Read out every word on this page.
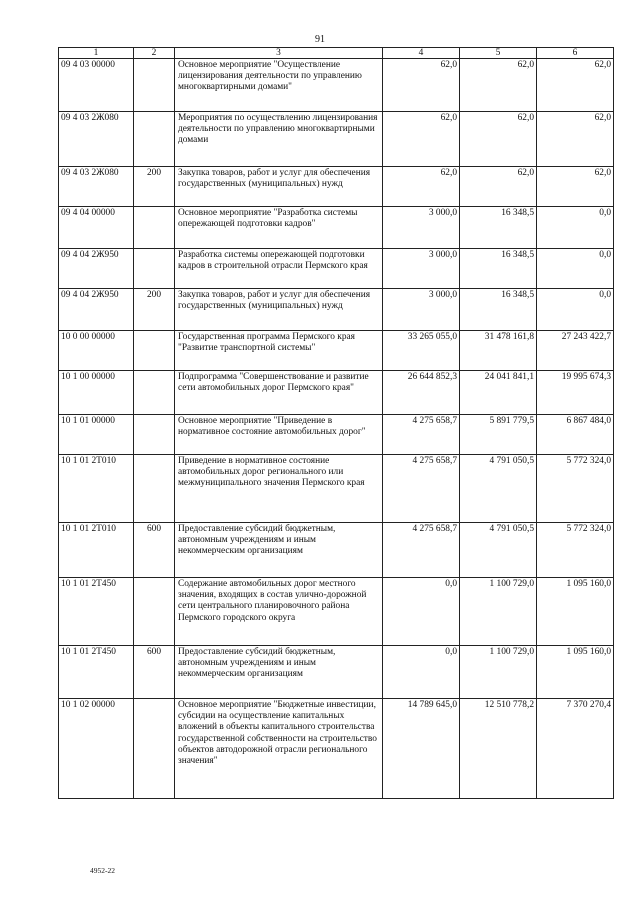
91
1	2	3	4	5	6
09 4 03 00000		Основное мероприятие "Осуществление лицензирования деятельности по управлению многоквартирными домами"	62,0	62,0	62,0
09 4 03 2Ж080		Мероприятия по осуществлению лицензирования деятельности по управлению многоквартирными домами	62,0	62,0	62,0
09 4 03 2Ж080	200	Закупка товаров, работ и услуг для обеспечения государственных (муниципальных) нужд	62,0	62,0	62,0
09 4 04 00000		Основное мероприятие "Разработка системы опережающей подготовки кадров"	3 000,0	16 348,5	0,0
09 4 04 2Ж950		Разработка системы опережающей подготовки кадров в строительной отрасли Пермского края	3 000,0	16 348,5	0,0
09 4 04 2Ж950	200	Закупка товаров, работ и услуг для обеспечения государственных (муниципальных) нужд	3 000,0	16 348,5	0,0
10 0 00 00000		Государственная программа Пермского края "Развитие транспортной системы"	33 265 055,0	31 478 161,8	27 243 422,7
10 1 00 00000		Подпрограмма "Совершенствование и развитие сети автомобильных дорог Пермского края"	26 644 852,3	24 041 841,1	19 995 674,3
10 1 01 00000		Основное мероприятие "Приведение в нормативное состояние автомобильных дорог"	4 275 658,7	5 891 779,5	6 867 484,0
10 1 01 2Т010		Приведение в нормативное состояние автомобильных дорог регионального или межмуниципального значения Пермского края	4 275 658,7	4 791 050,5	5 772 324,0
10 1 01 2Т010	600	Предоставление субсидий бюджетным, автономным учреждениям и иным некоммерческим организациям	4 275 658,7	4 791 050,5	5 772 324,0
10 1 01 2Т450		Содержание автомобильных дорог местного значения, входящих в состав улично-дорожной сети центрального планировочного района Пермского городского округа	0,0	1 100 729,0	1 095 160,0
10 1 01 2Т450	600	Предоставление субсидий бюджетным, автономным учреждениям и иным некоммерческим организациям	0,0	1 100 729,0	1 095 160,0
10 1 02 00000		Основное мероприятие "Бюджетные инвестиции, субсидии на осуществление капитальных вложений в объекты капитального строительства государственной собственности на строительство объектов автодорожной отрасли регионального значения"	14 789 645,0	12 510 778,2	7 370 270,4
4952-22
